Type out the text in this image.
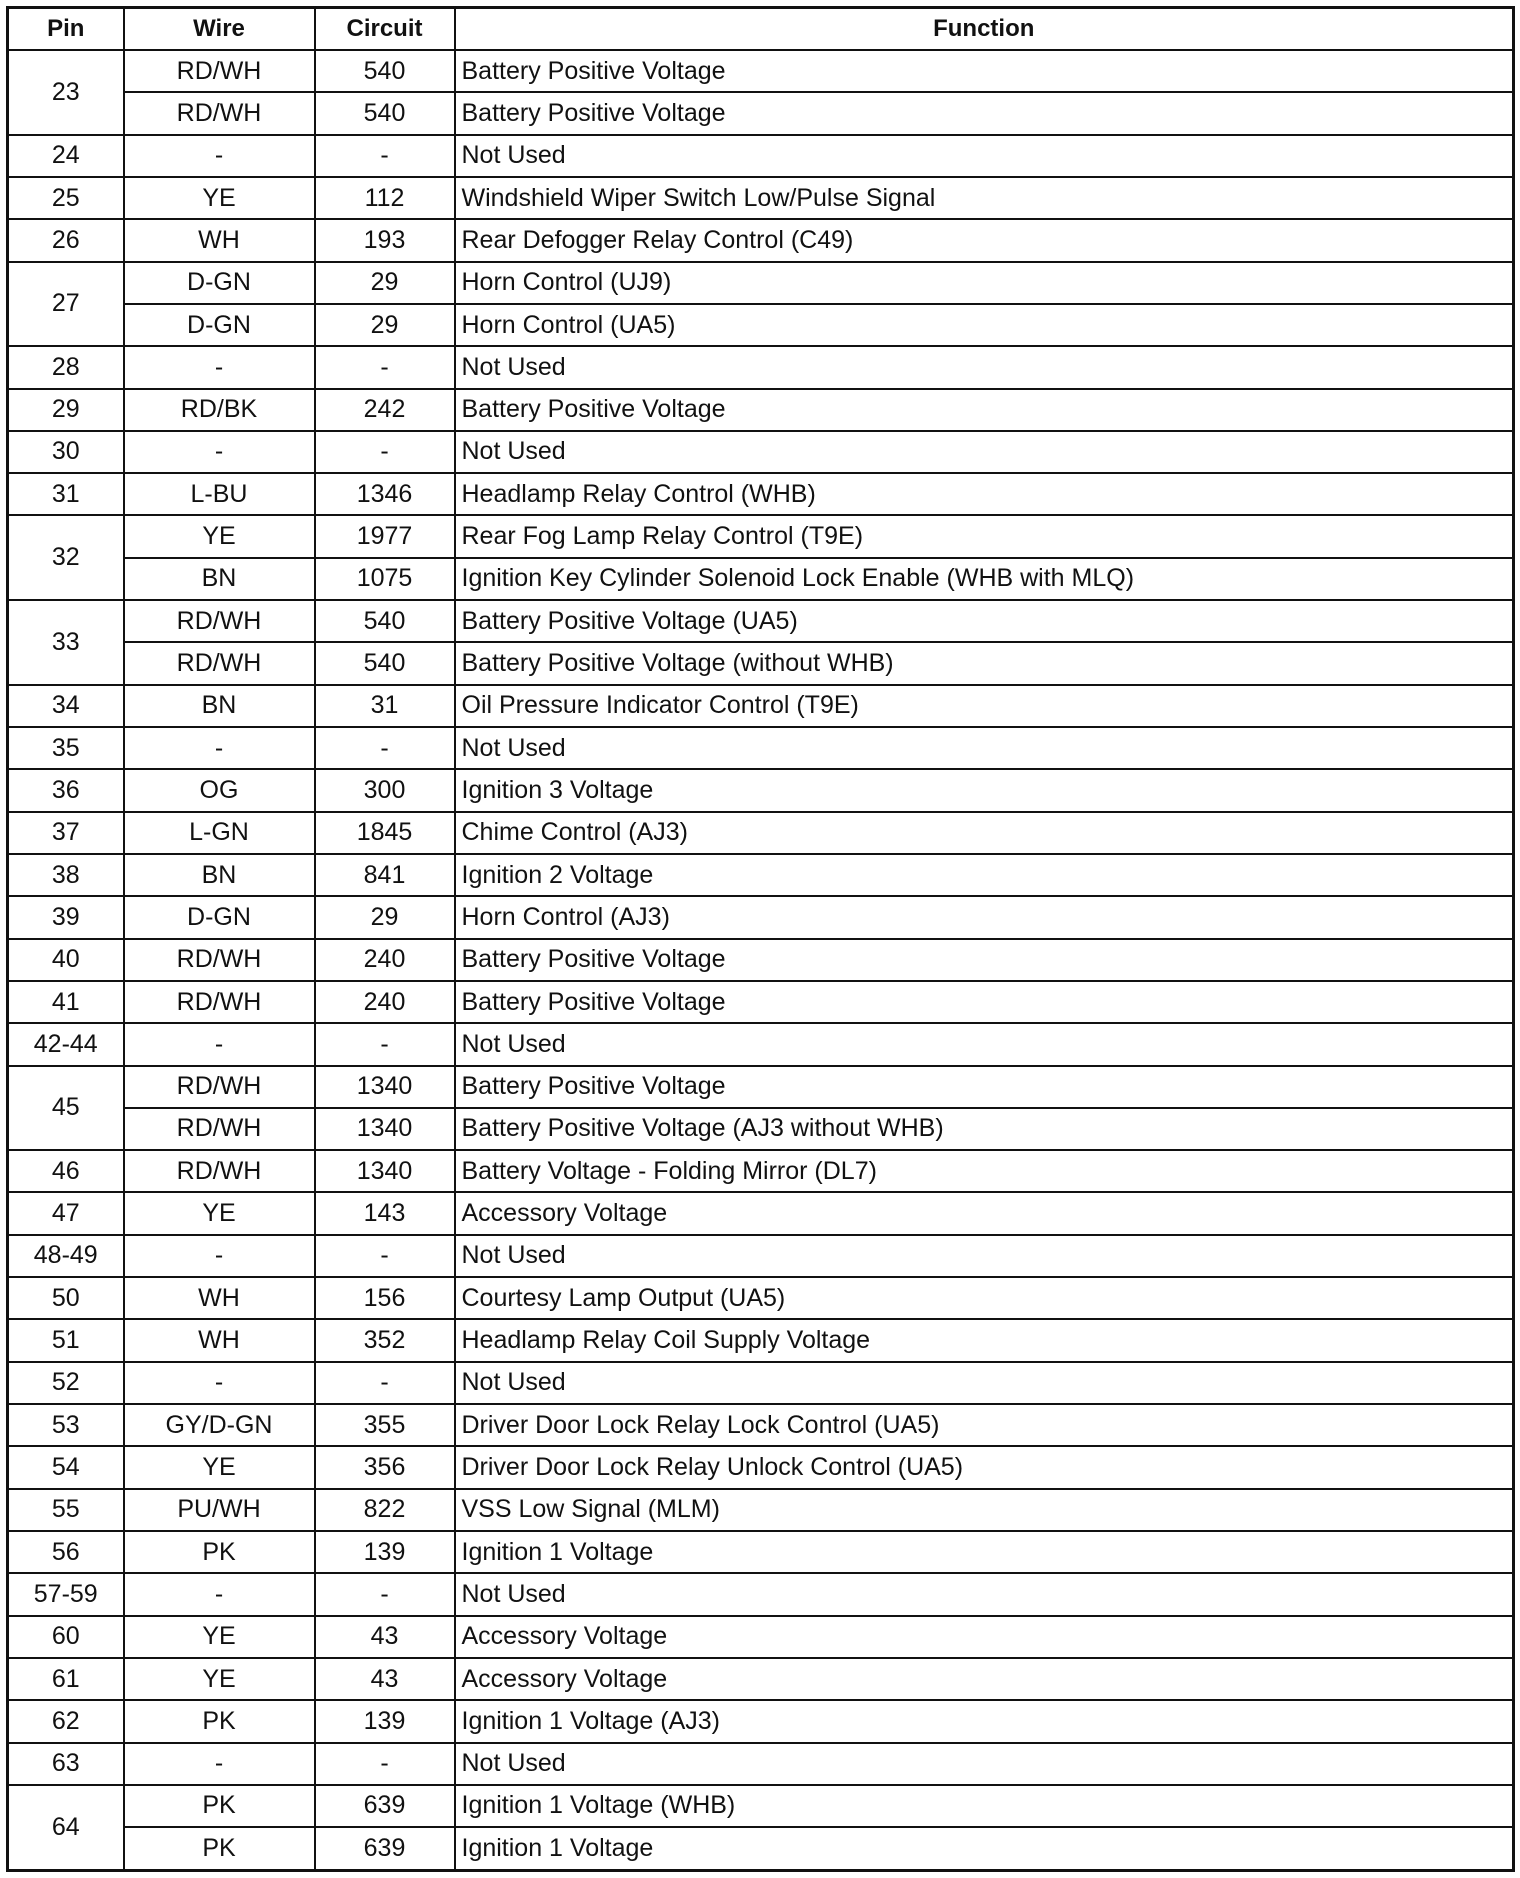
Pin	Wire	Circuit	Function
23	RD/WH	540	Battery Positive Voltage
	RD/WH	540	Battery Positive Voltage
24	-	-	Not Used
25	YE	112	Windshield Wiper Switch Low/Pulse Signal
26	WH	193	Rear Defogger Relay Control (C49)
27	D-GN	29	Horn Control (UJ9)
	D-GN	29	Horn Control (UA5)
28	-	-	Not Used
29	RD/BK	242	Battery Positive Voltage
30	-	-	Not Used
31	L-BU	1346	Headlamp Relay Control (WHB)
32	YE	1977	Rear Fog Lamp Relay Control (T9E)
	BN	1075	Ignition Key Cylinder Solenoid Lock Enable (WHB with MLQ)
33	RD/WH	540	Battery Positive Voltage (UA5)
	RD/WH	540	Battery Positive Voltage (without WHB)
34	BN	31	Oil Pressure Indicator Control (T9E)
35	-	-	Not Used
36	OG	300	Ignition 3 Voltage
37	L-GN	1845	Chime Control (AJ3)
38	BN	841	Ignition 2 Voltage
39	D-GN	29	Horn Control (AJ3)
40	RD/WH	240	Battery Positive Voltage
41	RD/WH	240	Battery Positive Voltage
42-44	-	-	Not Used
45	RD/WH	1340	Battery Positive Voltage
	RD/WH	1340	Battery Positive Voltage (AJ3 without WHB)
46	RD/WH	1340	Battery Voltage - Folding Mirror (DL7)
47	YE	143	Accessory Voltage
48-49	-	-	Not Used
50	WH	156	Courtesy Lamp Output (UA5)
51	WH	352	Headlamp Relay Coil Supply Voltage
52	-	-	Not Used
53	GY/D-GN	355	Driver Door Lock Relay Lock Control (UA5)
54	YE	356	Driver Door Lock Relay Unlock Control (UA5)
55	PU/WH	822	VSS Low Signal (MLM)
56	PK	139	Ignition 1 Voltage
57-59	-	-	Not Used
60	YE	43	Accessory Voltage
61	YE	43	Accessory Voltage
62	PK	139	Ignition 1 Voltage (AJ3)
63	-	-	Not Used
64	PK	639	Ignition 1 Voltage (WHB)
	PK	639	Ignition 1 Voltage
